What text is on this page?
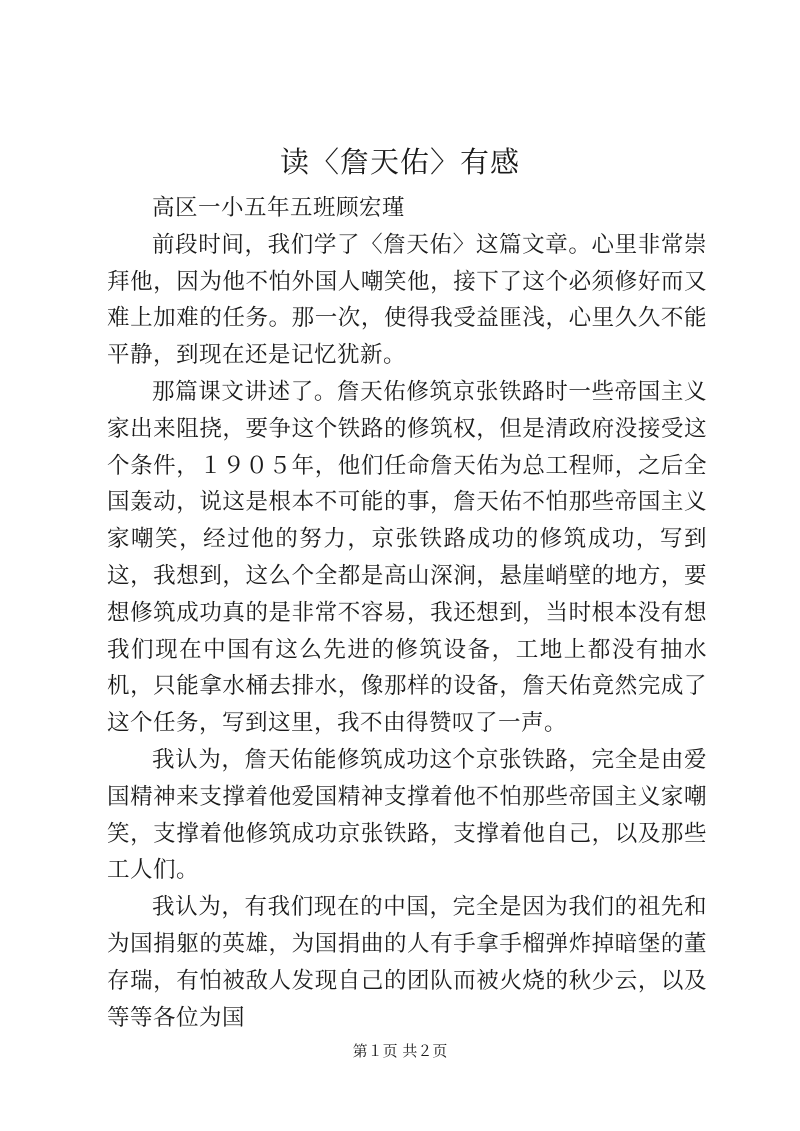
读〈詹天佑〉有感

高区一小五年五班顾宏瑾

前段时间，我们学了〈詹天佑〉这篇文章。心里非常崇拜他，因为他不怕外国人嘲笑他，接下了这个必须修好而又难上加难的任务。那一次，使得我受益匪浅，心里久久不能平静，到现在还是记忆犹新。

那篇课文讲述了。詹天佑修筑京张铁路时一些帝国主义家出来阻挠，要争这个铁路的修筑权，但是清政府没接受这个条件，１９０５年，他们任命詹天佑为总工程师，之后全国轰动，说这是根本不可能的事，詹天佑不怕那些帝国主义家嘲笑，经过他的努力，京张铁路成功的修筑成功，写到这，我想到，这么个全都是高山深涧，悬崖峭壁的地方，要想修筑成功真的是非常不容易，我还想到，当时根本没有想我们现在中国有这么先进的修筑设备，工地上都没有抽水机，只能拿水桶去排水，像那样的设备，詹天佑竟然完成了这个任务，写到这里，我不由得赞叹了一声。

我认为，詹天佑能修筑成功这个京张铁路，完全是由爱国精神来支撑着他爱国精神支撑着他不怕那些帝国主义家嘲笑，支撑着他修筑成功京张铁路，支撑着他自己，以及那些工人们。

我认为，有我们现在的中国，完全是因为我们的祖先和为国捐躯的英雄，为国捐曲的人有手拿手榴弹炸掉暗堡的董存瑞，有怕被敌人发现自己的团队而被火烧的秋少云，以及等等各位为国

第１页 共２页
